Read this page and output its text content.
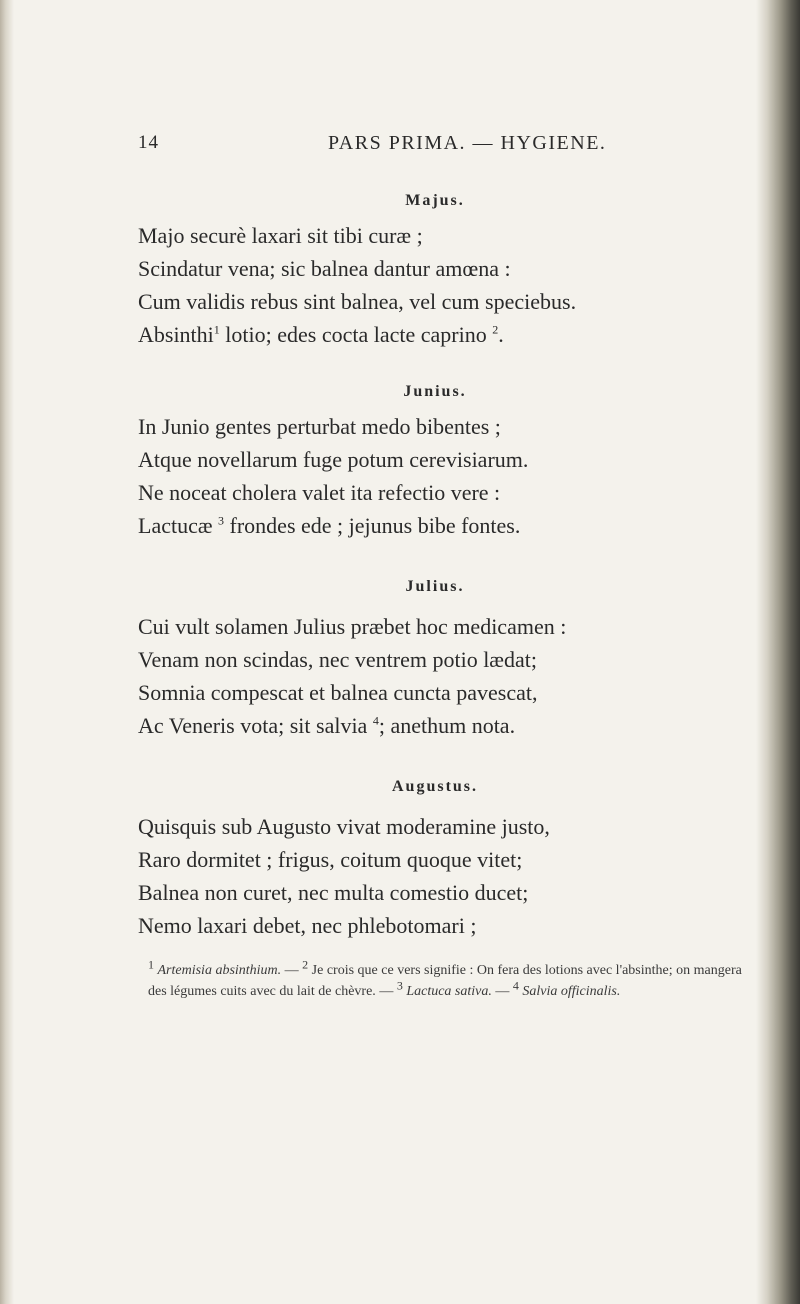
14	PARS PRIMA. — HYGIENE.

Majus.

Majo securè laxari sit tibi curæ ;

Scindatur vena; sic balnea dantur amœna :

Cum validis rebus sint balnea, vel cum speciebus.

Absinthi$^1$ lotio; edes cocta lacte caprino $^2$.

Junius.

In Junio gentes perturbat medo bibentes ;

Atque novellarum fuge potum cerevisiarum.

Ne noceat cholera valet ita refectio vere :

Lactucæ $^3$ frondes ede ; jejunus bibe fontes.

Julius.

Cui vult solamen Julius præbet hoc medicamen :

Venam non scindas, nec ventrem potio lædat;

Somnia compescat et balnea cuncta pavescat,

Ac Veneris vota; sit salvia $^4$; anethum nota.

Augustus.

Quisquis sub Augusto vivat moderamine justo,

Raro dormitet ; frigus, coitum quoque vitet;

Balnea non curet, nec multa comestio ducet;

Nemo laxari debet, nec phlebotomari ;

1 Artemisia absinthium. — 2 Je crois que ce vers signifie : On fera des lotions avec l'absinthe; on mangera des légumes cuits avec du lait de chèvre. — 3 Lactuca sativa. — 4 Salvia officinalis.
